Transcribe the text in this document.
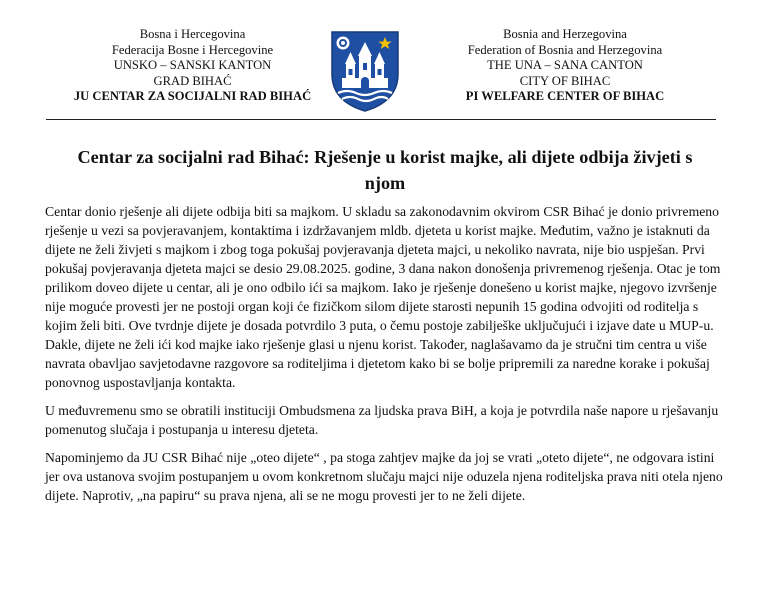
Bosna i Hercegovina
Federacija Bosne i Hercegovine
UNSKO – SANSKI KANTON
GRAD BIHAĆ
JU CENTAR ZA SOCIJALNI RAD BIHAĆ
Bosnia and Herzegovina
Federation of Bosnia and Herzegovina
THE UNA – SANA CANTON
CITY OF BIHAC
PI WELFARE CENTER OF BIHAC
Centar za socijalni rad Bihać: Rješenje u korist majke, ali dijete odbija živjeti s njom

Centar donio rješenje ali dijete odbija biti sa majkom. U skladu sa zakonodavnim okvirom CSR Bihać je donio privremeno rješenje u vezi sa povjeravanjem, kontaktima i izdržavanjem mldb. djeteta u korist majke. Međutim, važno je istaknuti da dijete ne želi živjeti s majkom i zbog toga pokušaj povjeravanja djeteta majci, u nekoliko navrata, nije bio uspješan. Prvi pokušaj povjeravanja djeteta majci se desio 29.08.2025. godine, 3 dana nakon donošenja privremenog rješenja. Otac je tom prilikom doveo dijete u centar, ali je ono odbilo ići sa majkom. Iako je rješenje donešeno u korist majke, njegovo izvršenje nije moguće provesti jer ne postoji organ koji će fizičkom silom dijete starosti nepunih 15 godina odvojiti od roditelja s kojim želi biti. Ove tvrdnje dijete je dosada potvrdilo 3 puta, o čemu postoje zabilješke uključujući i izjave date u MUP-u. Dakle, dijete ne želi ići kod majke iako rješenje glasi u njenu korist. Također, naglašavamo da je stručni tim centra u više navrata obavljao savjetodavne razgovore sa roditeljima i djetetom kako bi se bolje pripremili za naredne korake i pokušaj ponovnog uspostavljanja kontakta.

U međuvremenu smo se obratili instituciji Ombudsmena za ljudska prava BiH, a koja je potvrdila naše napore u rješavanju pomenutog slučaja i postupanja u interesu djeteta.

Napominjemo da JU CSR Bihać nije „oteo dijete“ , pa stoga zahtjev majke da joj se vrati „oteto dijete“, ne odgovara istini jer ova ustanova svojim postupanjem u ovom konkretnom slučaju majci nije oduzela njena roditeljska prava niti otela njeno dijete. Naprotiv, „na papiru“ su prava njena, ali se ne mogu provesti jer to ne želi dijete.
